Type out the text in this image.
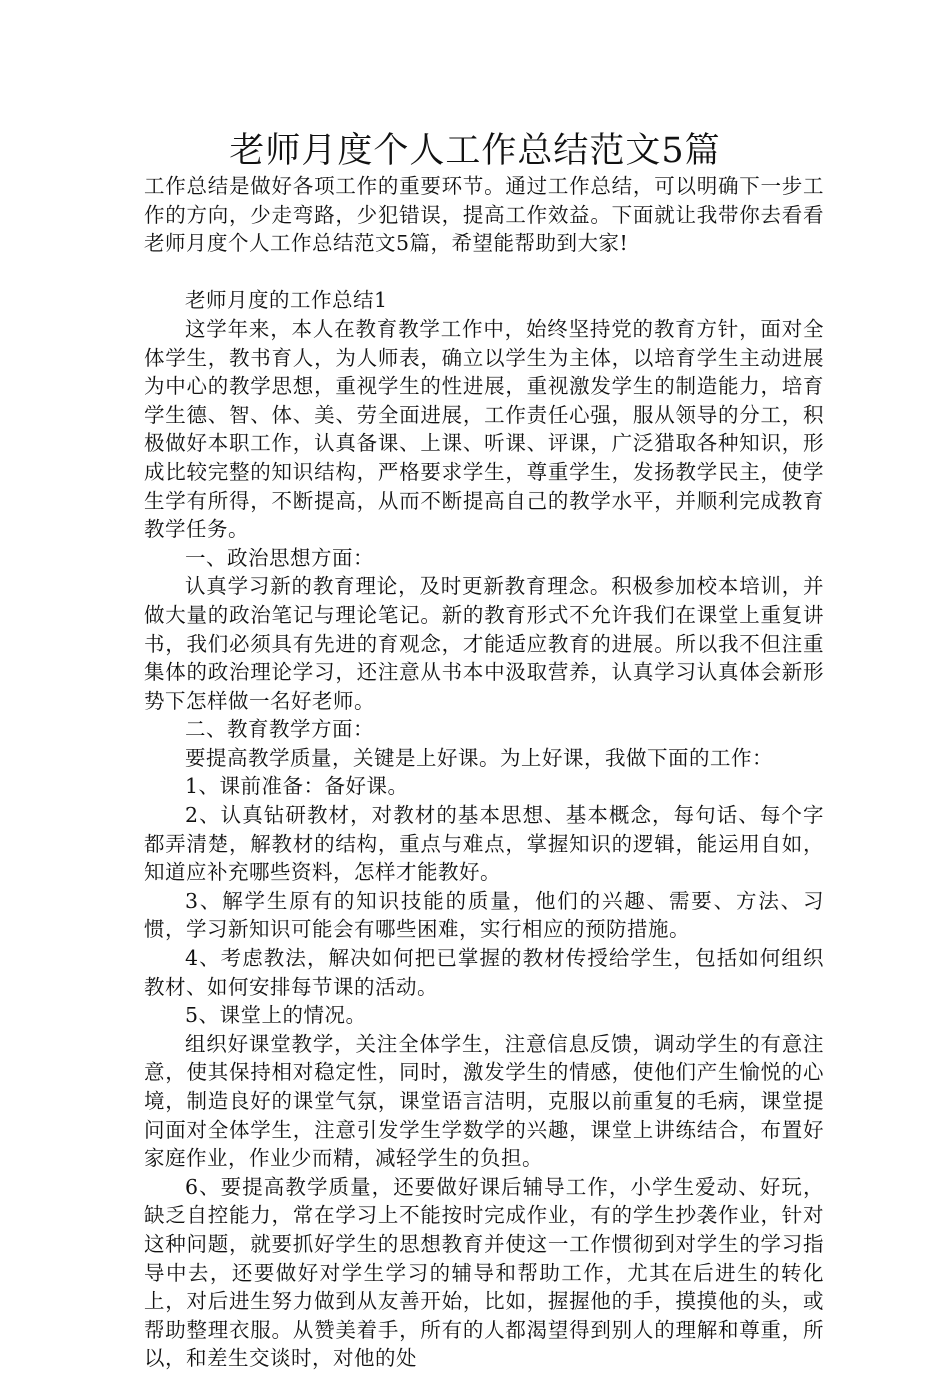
老师月度个人工作总结范文5篇

工作总结是做好各项工作的重要环节。通过工作总结，可以明确下一步工作的方向，少走弯路，少犯错误，提高工作效益。下面就让我带你去看看老师月度个人工作总结范文5篇，希望能帮助到大家!

老师月度的工作总结1

这学年来，本人在教育教学工作中，始终坚持党的教育方针，面对全体学生，教书育人，为人师表，确立以学生为主体，以培育学生主动进展为中心的教学思想，重视学生的性进展，重视激发学生的制造能力，培育学生德、智、体、美、劳全面进展，工作责任心强，服从领导的分工，积极做好本职工作，认真备课、上课、听课、评课，广泛猎取各种知识，形成比较完整的知识结构，严格要求学生，尊重学生，发扬教学民主，使学生学有所得，不断提高，从而不断提高自己的教学水平，并顺利完成教育教学任务。

一、政治思想方面：

认真学习新的教育理论，及时更新教育理念。积极参加校本培训，并做大量的政治笔记与理论笔记。新的教育形式不允许我们在课堂上重复讲书，我们必须具有先进的育观念，才能适应教育的进展。所以我不但注重集体的政治理论学习，还注意从书本中汲取营养，认真学习认真体会新形势下怎样做一名好老师。

二、教育教学方面：

要提高教学质量，关键是上好课。为上好课，我做下面的工作：

1、课前准备：备好课。

2、认真钻研教材，对教材的基本思想、基本概念，每句话、每个字都弄清楚，解教材的结构，重点与难点，掌握知识的逻辑，能运用自如，知道应补充哪些资料，怎样才能教好。

3、解学生原有的知识技能的质量，他们的兴趣、需要、方法、习惯，学习新知识可能会有哪些困难，实行相应的预防措施。

4、考虑教法，解决如何把已掌握的教材传授给学生，包括如何组织教材、如何安排每节课的活动。

5、课堂上的情况。

组织好课堂教学，关注全体学生，注意信息反馈，调动学生的有意注意，使其保持相对稳定性，同时，激发学生的情感，使他们产生愉悦的心境，制造良好的课堂气氛，课堂语言洁明，克服以前重复的毛病，课堂提问面对全体学生，注意引发学生学数学的兴趣，课堂上讲练结合，布置好家庭作业，作业少而精，减轻学生的负担。

6、要提高教学质量，还要做好课后辅导工作，小学生爱动、好玩，缺乏自控能力，常在学习上不能按时完成作业，有的学生抄袭作业，针对这种问题，就要抓好学生的思想教育并使这一工作惯彻到对学生的学习指导中去，还要做好对学生学习的辅导和帮助工作，尤其在后进生的转化上，对后进生努力做到从友善开始，比如，握握他的手，摸摸他的头，或帮助整理衣服。从赞美着手，所有的人都渴望得到别人的理解和尊重，所以，和差生交谈时，对他的处
